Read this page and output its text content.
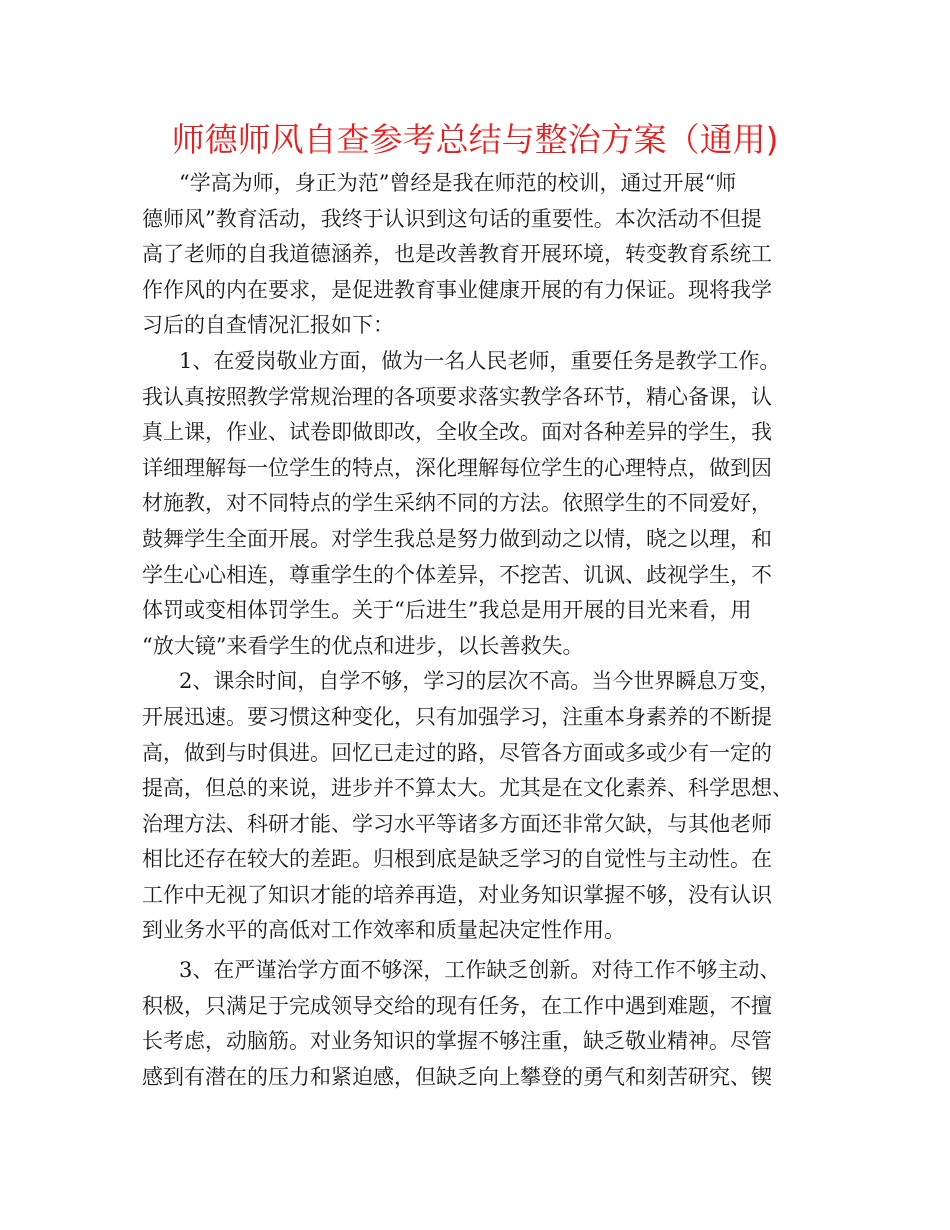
师德师风自查参考总结与整治方案（通用)
“学高为师，身正为范”曾经是我在师范的校训，通过开展“师
德师风”教育活动，我终于认识到这句话的重要性。本次活动不但提
高了老师的自我道德涵养，也是改善教育开展环境，转变教育系统工
作作风的内在要求，是促进教育事业健康开展的有力保证。现将我学
习后的自查情况汇报如下：
1、在爱岗敬业方面，做为一名人民老师，重要任务是教学工作。
我认真按照教学常规治理的各项要求落实教学各环节，精心备课，认
真上课，作业、试卷即做即改，全收全改。面对各种差异的学生，我
详细理解每一位学生的特点，深化理解每位学生的心理特点，做到因
材施教，对不同特点的学生采纳不同的方法。依照学生的不同爱好，
鼓舞学生全面开展。对学生我总是努力做到动之以情，晓之以理，和
学生心心相连，尊重学生的个体差异，不挖苦、讥讽、歧视学生，不
体罚或变相体罚学生。关于“后进生”我总是用开展的目光来看，用
“放大镜”来看学生的优点和进步，以长善救失。
2、课余时间，自学不够，学习的层次不高。当今世界瞬息万变，
开展迅速。要习惯这种变化，只有加强学习，注重本身素养的不断提
高，做到与时俱进。回忆已走过的路，尽管各方面或多或少有一定的
提高，但总的来说，进步并不算太大。尤其是在文化素养、科学思想、
治理方法、科研才能、学习水平等诸多方面还非常欠缺，与其他老师
相比还存在较大的差距。归根到底是缺乏学习的自觉性与主动性。在
工作中无视了知识才能的培养再造，对业务知识掌握不够，没有认识
到业务水平的高低对工作效率和质量起决定性作用。
3、在严谨治学方面不够深，工作缺乏创新。对待工作不够主动、
积极，只满足于完成领导交给的现有任务，在工作中遇到难题，不擅
长考虑，动脑筋。对业务知识的掌握不够注重，缺乏敬业精神。尽管
感到有潜在的压力和紧迫感，但缺乏向上攀登的勇气和刻苦研究、锲
